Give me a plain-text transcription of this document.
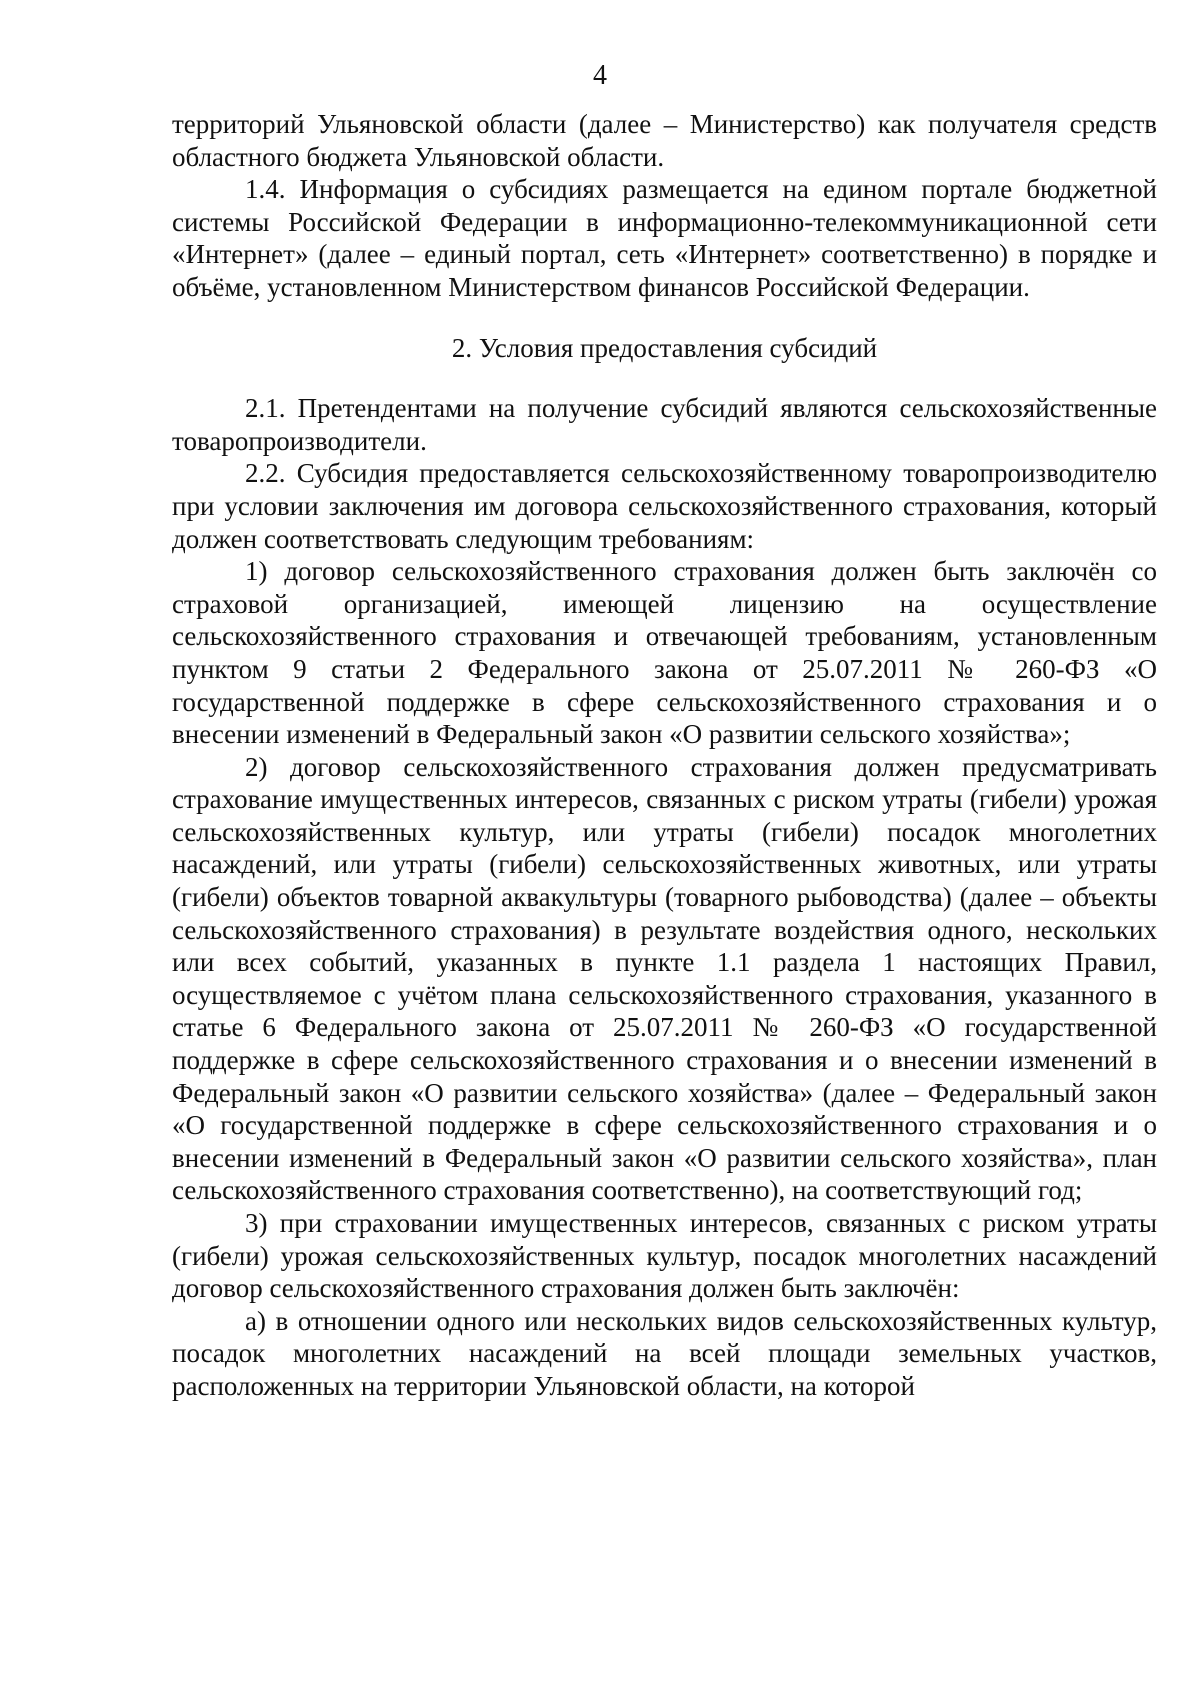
4

территорий Ульяновской области (далее – Министерство) как получателя средств областного бюджета Ульяновской области.

1.4. Информация о субсидиях размещается на едином портале бюджетной системы Российской Федерации в информационно-телекоммуникационной сети «Интернет» (далее – единый портал, сеть «Интернет» соответственно) в порядке и объёме, установленном Министерством финансов Российской Федерации.

2. Условия предоставления субсидий

2.1. Претендентами на получение субсидий являются сельскохозяйственные товаропроизводители.

2.2. Субсидия предоставляется сельскохозяйственному товаропроизводителю при условии заключения им договора сельскохозяйственного страхования, который должен соответствовать следующим требованиям:

1) договор сельскохозяйственного страхования должен быть заключён со страховой организацией, имеющей лицензию на осуществление сельскохозяйственного страхования и отвечающей требованиям, установленным пунктом 9 статьи 2 Федерального закона от 25.07.2011 № 260-ФЗ «О государственной поддержке в сфере сельскохозяйственного страхования и о внесении изменений в Федеральный закон «О развитии сельского хозяйства»;

2) договор сельскохозяйственного страхования должен предусматривать страхование имущественных интересов, связанных с риском утраты (гибели) урожая сельскохозяйственных культур, или утраты (гибели) посадок многолетних насаждений, или утраты (гибели) сельскохозяйственных животных, или утраты (гибели) объектов товарной аквакультуры (товарного рыбоводства) (далее – объекты сельскохозяйственного страхования) в результате воздействия одного, нескольких или всех событий, указанных в пункте 1.1 раздела 1 настоящих Правил, осуществляемое с учётом плана сельскохозяйственного страхования, указанного в статье 6 Федерального закона от 25.07.2011 № 260-ФЗ «О государственной поддержке в сфере сельскохозяйственного страхования и о внесении изменений в Федеральный закон «О развитии сельского хозяйства» (далее – Федеральный закон «О государственной поддержке в сфере сельскохозяйственного страхования и о внесении изменений в Федеральный закон «О развитии сельского хозяйства», план сельскохозяйственного страхования соответственно), на соответствующий год;

3) при страховании имущественных интересов, связанных с риском утраты (гибели) урожая сельскохозяйственных культур, посадок многолетних насаждений договор сельскохозяйственного страхования должен быть заключён:

а) в отношении одного или нескольких видов сельскохозяйственных культур, посадок многолетних насаждений на всей площади земельных участков, расположенных на территории Ульяновской области, на которой
